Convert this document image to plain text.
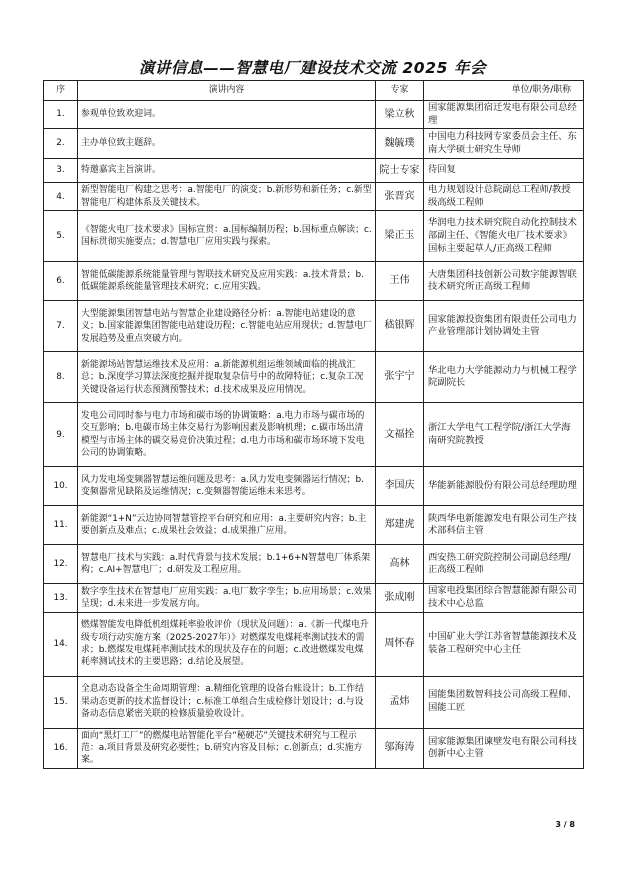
演讲信息——智慧电厂建设技术交流 2025 年会
序	演讲内容	专家	单位/职务/职称
1.	参观单位致欢迎词。	梁立秋	国家能源集团宿迁发电有限公司总经理
2.	主办单位致主题辞。	魏毓璞	中国电力科技网专家委员会主任、东南大学硕士研究生导师
3.	特邀嘉宾主旨演讲。	院士专家	待回复
4.	新型智能电厂构建之思考：a.智能电厂的演变；b.新形势和新任务；c.新型智能电厂构建体系及关键技术。	张晋宾	电力规划设计总院副总工程师/教授级高级工程师
5.	《智能火电厂技术要求》国标宣贯：a.国标编制历程；b.国标重点解读；c.国标贯彻实施要点；d.智慧电厂应用实践与探索。	梁正玉	华润电力技术研究院自动化控制技术部副主任、《智能火电厂技术要求》国标主要起草人/正高级工程师
6.	智能低碳能源系统能量管理与智联技术研究及应用实践：a.技术背景；b.低碳能源系统能量管理技术研究；c.应用实践。	王伟	大唐集团科技创新公司数字能源智联技术研究所正高级工程师
7.	大型能源集团智慧电站与智慧企业建设路径分析：a.智能电站建设的意义；b.国家能源集团智能电站建设历程；c.智能电站应用现状；d.智慧电厂发展趋势及重点突破方向。	嵇银辉	国家能源投资集团有限责任公司电力产业管理部计划协调处主管
8.	新能源场站智慧运维技术及应用：a.新能源机组运维领域面临的挑战汇总；b.深度学习算法深度挖掘并提取复杂信号中的故障特征；c.复杂工况关键设备运行状态预测预警技术；d.技术成果及应用情况。	张宇宁	华北电力大学能源动力与机械工程学院副院长
9.	发电公司同时参与电力市场和碳市场的协调策略：a.电力市场与碳市场的交互影响；b.电碳市场主体交易行为影响因素及影响机理；c.碳市场出清模型与市场主体的碳交易竞价决策过程；d.电力市场和碳市场环境下发电公司的协调策略。	文福拴	浙江大学电气工程学院/浙江大学海南研究院教授
10.	风力发电场变频器智慧运维问题及思考：a.风力发电变频器运行情况；b.变频器常见缺陷及运维情况；c.变频器智能运维未来思考。	李国庆	华能新能源股份有限公司总经理助理
11.	新能源“1+N”云边协同智慧管控平台研究和应用：a.主要研究内容；b.主要创新点及难点；c.成果社会效益；d.成果推广应用。	郑建虎	陕西华电新能源发电有限公司生产技术部科信主管
12.	智慧电厂技术与实践：a.时代背景与技术发展；b.1+6+N智慧电厂体系架构；c.AI+智慧电厂；d.研发及工程应用。	高林	西安热工研究院控制公司副总经理/正高级工程师
13.	数字孪生技术在智慧电厂应用实践：a.电厂数字孪生；b.应用场景；c.效果呈现；d.未来进一步发展方向。	张成刚	国家电投集团综合智慧能源有限公司技术中心总监
14.	燃煤智能发电降低机组煤耗率验收评价（现状及问题）：a.《新一代煤电升级专项行动实施方案（2025-2027年）》对燃煤发电煤耗率测试技术的需求；b.燃煤发电煤耗率测试技术的现状及存在的问题；c.改进燃煤发电煤耗率测试技术的主要思路；d.结论及展望。	周怀春	中国矿业大学江苏省智慧能源技术及装备工程研究中心主任
15.	全息动态设备全生命周期管理：a.精细化管理的设备台账设计；b.工作结果动态更新的技术监督设计；c.标准工单组合生成检修计划设计；d.与设备动态信息紧密关联的检修质量验收设计。	孟炜	国能集团数智科技公司高级工程师、国能工匠
16.	面向“黑灯工厂”的燃煤电站智能化平台“秘硬芯”关键技术研究与工程示范：a.项目背景及研究必要性；b.研究内容及目标；c.创新点；d.实施方案。	邬海涛	国家能源集团谏壁发电有限公司科技创新中心主管
3 / 8
